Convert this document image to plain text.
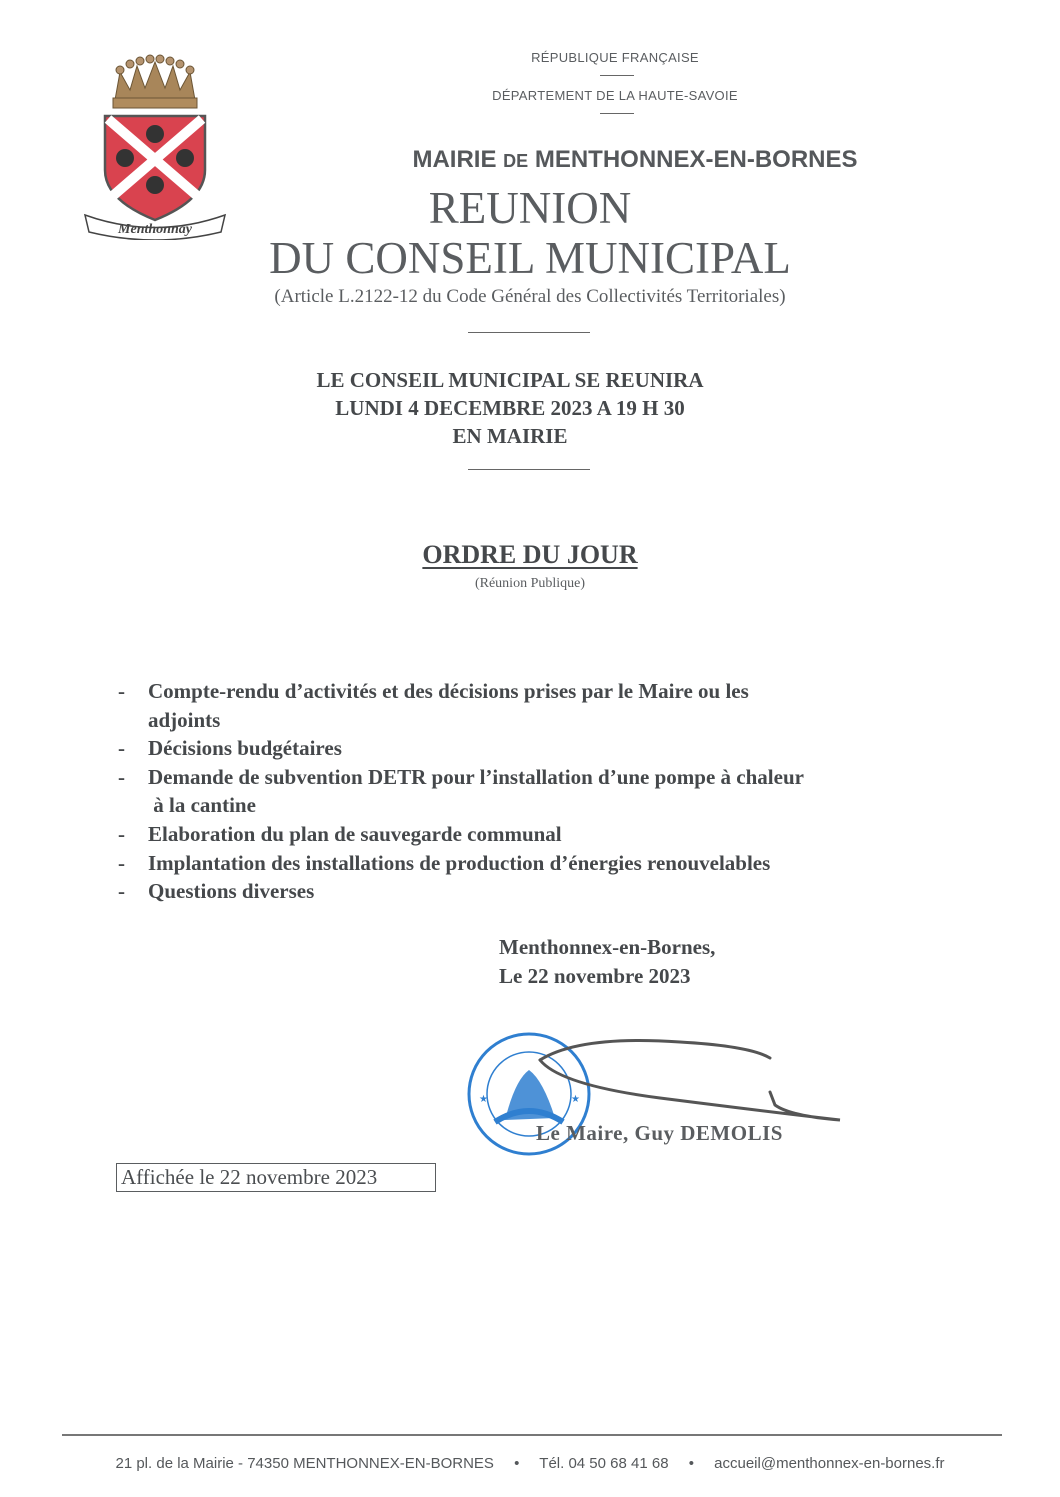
Menthonnay
RÉPUBLIQUE FRANÇAISE
DÉPARTEMENT DE LA HAUTE-SAVOIE
MAIRIE DE MENTHONNEX-EN-BORNES
REUNION
DU CONSEIL MUNICIPAL
(Article L.2122-12 du Code Général des Collectivités Territoriales)
LE CONSEIL MUNICIPAL SE REUNIRA
LUNDI 4 DECEMBRE 2023 A 19 H 30
EN MAIRIE
ORDRE DU JOUR
(Réunion Publique)
- Compte-rendu d’activités et des décisions prises par le Maire ou les
adjoints
- Décisions budgétaires
- Demande de subvention DETR pour l’installation d’une pompe à chaleur
à la cantine
- Elaboration du plan de sauvegarde communal
- Implantation des installations de production d’énergies renouvelables
- Questions diverses
Menthonnex-en-Bornes,
Le 22 novembre 2023
★	★
Le Maire, Guy DEMOLIS
Affichée le 22 novembre 2023
21 pl. de la Mairie - 74350 MENTHONNEX-EN-BORNES • Tél. 04 50 68 41 68 • accueil@menthonnex-en-bornes.fr
